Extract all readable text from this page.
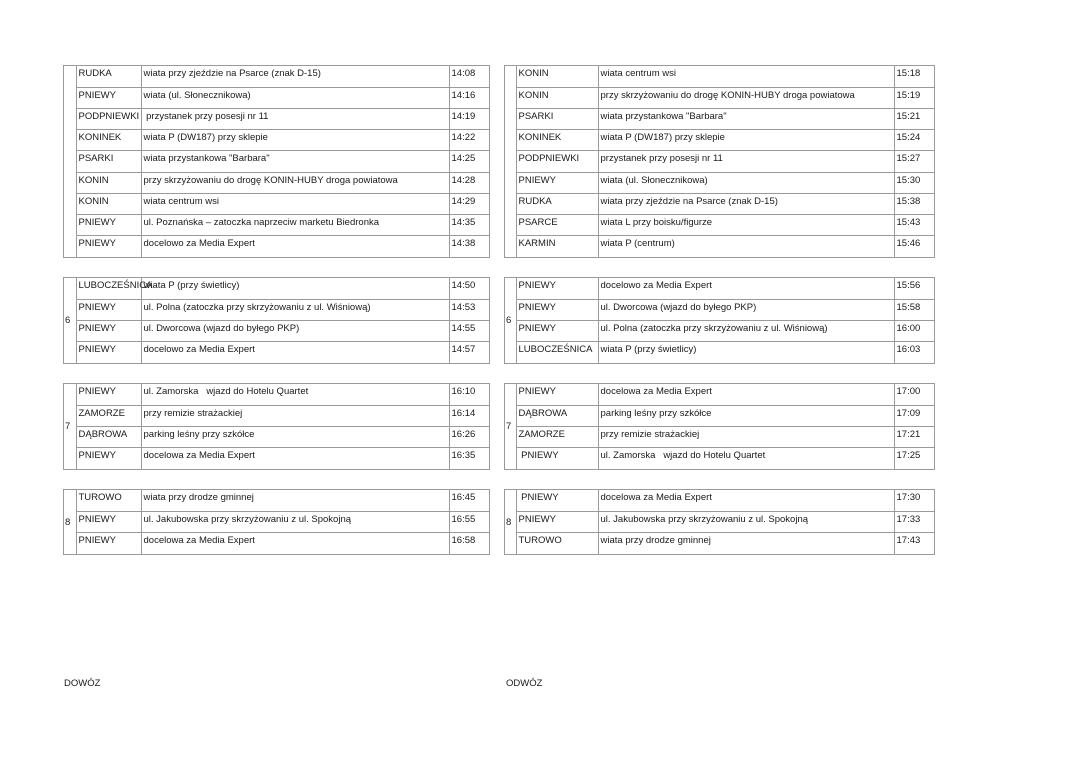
	RUDKA	wiata przy zjeździe na Psarce (znak D-15)	14:08
	PNIEWY	wiata (ul. Słonecznikowa)	14:16
	PODPNIEWKI	przystanek przy posesji nr 11	14:19
	KONINEK	wiata P (DW187) przy sklepie	14:22
	PSARKI	wiata przystankowa "Barbara"	14:25
	KONIN	przy skrzyżowaniu do drogę KONIN-HUBY droga powiatowa	14:28
	KONIN	wiata centrum wsi	14:29
	PNIEWY	ul. Poznańska – zatoczka naprzeciw marketu Biedronka	14:35
	PNIEWY	docelowo za Media Expert	14:38
	KONIN	wiata centrum wsi	15:18
	KONIN	przy skrzyżowaniu do drogę KONIN-HUBY droga powiatowa	15:19
	PSARKI	wiata przystankowa "Barbara"	15:21
	KONINEK	wiata P (DW187) przy sklepie	15:24
	PODPNIEWKI	przystanek przy posesji nr 11	15:27
	PNIEWY	wiata (ul. Słonecznikowa)	15:30
	RUDKA	wiata przy zjeździe na Psarce (znak D-15)	15:38
	PSARCE	wiata L przy boisku/figurze	15:43
	KARMIN	wiata P (centrum)	15:46
6	LUBOCZEŚNICA	wiata P (przy świetlicy)	14:50
	PNIEWY	ul. Polna (zatoczka przy skrzyżowaniu z ul. Wiśniową)	14:53
	PNIEWY	ul. Dworcowa (wjazd do byłego PKP)	14:55
	PNIEWY	docelowo za Media Expert	14:57
6	PNIEWY	docelowo za Media Expert	15:56
	PNIEWY	ul. Dworcowa (wjazd do byłego PKP)	15:58
	PNIEWY	ul. Polna (zatoczka przy skrzyżowaniu z ul. Wiśniową)	16:00
	LUBOCZEŚNICA	wiata P (przy świetlicy)	16:03
7	PNIEWY	ul. Zamorska   wjazd do Hotelu Quartet	16:10
	ZAMORZE	przy remizie strażackiej	16:14
	DĄBROWA	parking leśny przy szkółce	16:26
	PNIEWY	docelowa za Media Expert	16:35
7	PNIEWY	docelowa za Media Expert	17:00
	DĄBROWA	parking leśny przy szkółce	17:09
	ZAMORZE	przy remizie strażackiej	17:21
	PNIEWY	ul. Zamorska   wjazd do Hotelu Quartet	17:25
8	TUROWO	wiata przy drodze gminnej	16:45
	PNIEWY	ul. Jakubowska przy skrzyżowaniu z ul. Spokojną	16:55
	PNIEWY	docelowa za Media Expert	16:58
8	PNIEWY	docelowa za Media Expert	17:30
	PNIEWY	ul. Jakubowska przy skrzyżowaniu z ul. Spokojną	17:33
	TUROWO	wiata przy drodze gminnej	17:43
DOWÓZ	ODWÓZ
